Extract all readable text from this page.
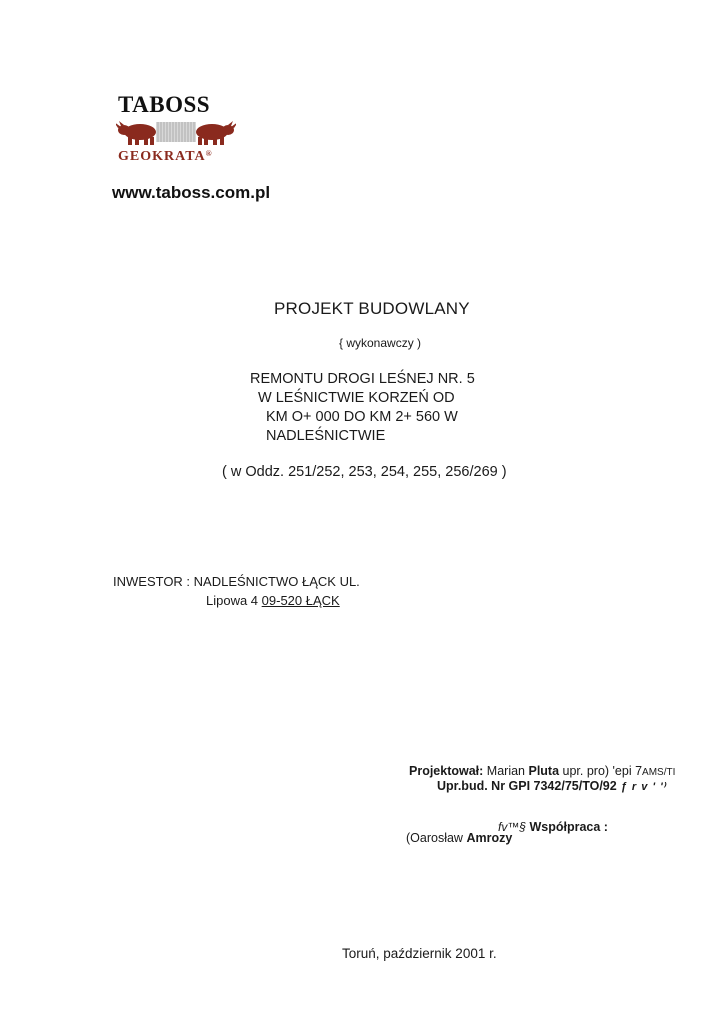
TABOSS
GEOKRATA®
www.taboss.com.pl
PROJEKT BUDOWLANY
{ wykonawczy )
REMONTU DROGI LEŚNEJ NR. 5
W LEŚNICTWIE KORZEŃ OD
KM O+ 000 DO KM 2+ 560 W
NADLEŚNICTWIE
( w Oddz. 251/252, 253, 254, 255, 256/269 )
INWESTOR : NADLEŚNICTWO ŁĄCK UL.
Lipowa 4 09-520 ŁĄCK
Projektował: Marian Pluta upr. pro) 'epi 7AMS/TI
Upr.bud. Nr GPI 7342/75/TO/92 ƒ r v ' '⁾
fv™§ Współpraca :
(Oarosław Amrozy
Toruń, październik 2001 r.
